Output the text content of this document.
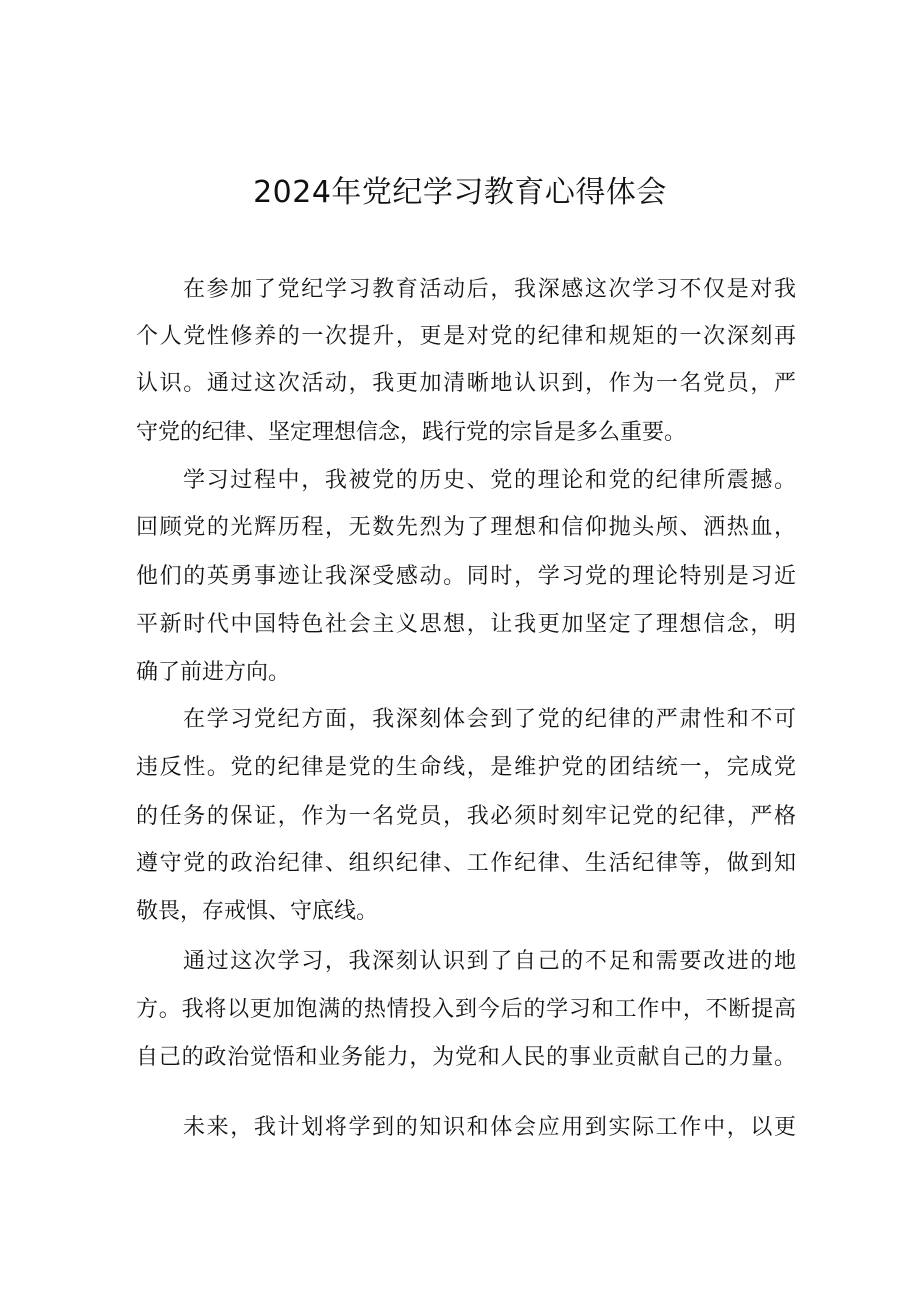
2024年党纪学习教育心得体会

在参加了党纪学习教育活动后，我深感这次学习不仅是对我

个人党性修养的一次提升，更是对党的纪律和规矩的一次深刻再

认识。通过这次活动，我更加清晰地认识到，作为一名党员，严

守党的纪律、坚定理想信念，践行党的宗旨是多么重要。

学习过程中，我被党的历史、党的理论和党的纪律所震撼。

回顾党的光辉历程，无数先烈为了理想和信仰抛头颅、洒热血，

他们的英勇事迹让我深受感动。同时，学习党的理论特别是习近

平新时代中国特色社会主义思想，让我更加坚定了理想信念，明

确了前进方向。

在学习党纪方面，我深刻体会到了党的纪律的严肃性和不可

违反性。党的纪律是党的生命线，是维护党的团结统一，完成党

的任务的保证，作为一名党员，我必须时刻牢记党的纪律，严格

遵守党的政治纪律、组织纪律、工作纪律、生活纪律等，做到知

敬畏，存戒惧、守底线。

通过这次学习，我深刻认识到了自己的不足和需要改进的地

方。我将以更加饱满的热情投入到今后的学习和工作中，不断提高

自己的政治觉悟和业务能力，为党和人民的事业贡献自己的力量。

未来，我计划将学到的知识和体会应用到实际工作中，以更
